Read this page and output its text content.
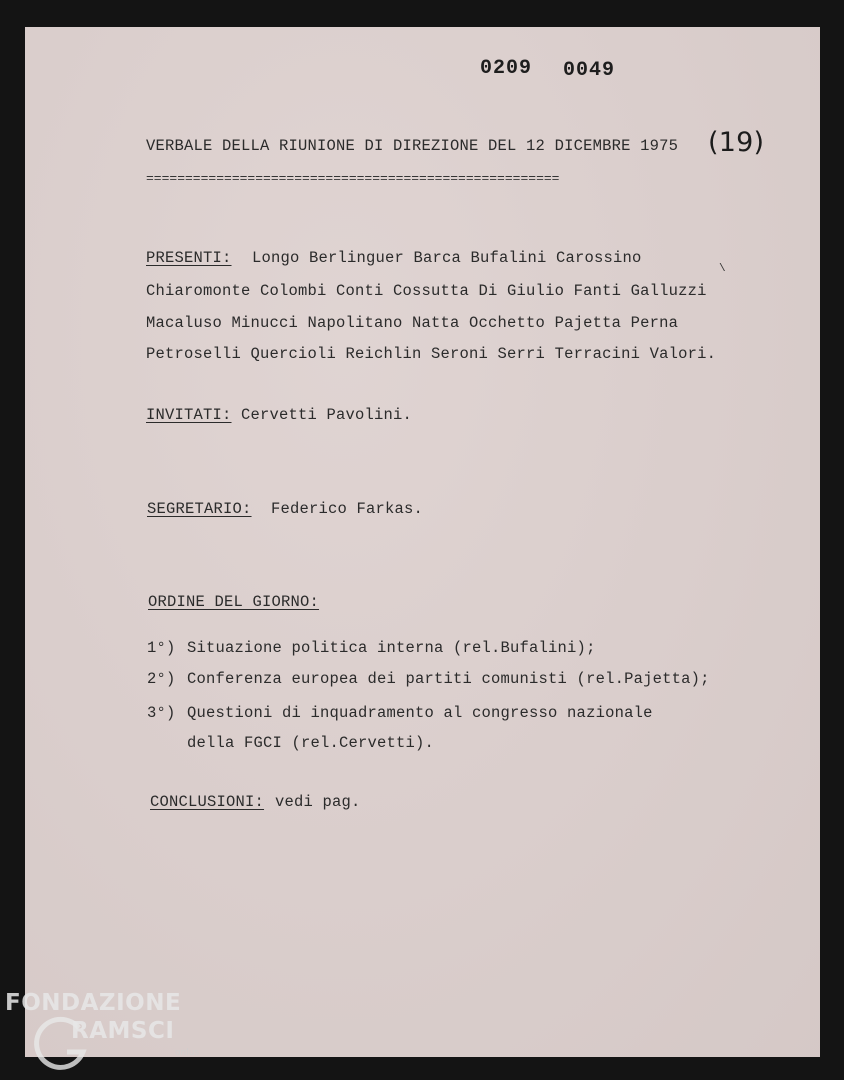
0209 0049
VERBALE DELLA RIUNIONE DI DIREZIONE DEL 12 DICEMBRE 1975 (19)
=====================================================
PRESENTI: Longo Berlinguer Barca Bufalini Carossino
Chiaromonte Colombi Conti Cossutta Di Giulio Fanti Galluzzi
Macaluso Minucci Napolitano Natta Occhetto Pajetta Perna
Petroselli Quercioli Reichlin Seroni Serri Terracini Valori.
\
INVITATI: Cervetti Pavolini.
SEGRETARIO: Federico Farkas.
ORDINE DEL GIORNO:
1°) Situazione politica interna (rel.Bufalini);
2°) Conferenza europea dei partiti comunisti (rel.Pajetta);
3°) Questioni di inquadramento al congresso nazionale
della FGCI (rel.Cervetti).
CONCLUSIONI: vedi pag.
FONDAZIONE
RAMSCI
onlus
